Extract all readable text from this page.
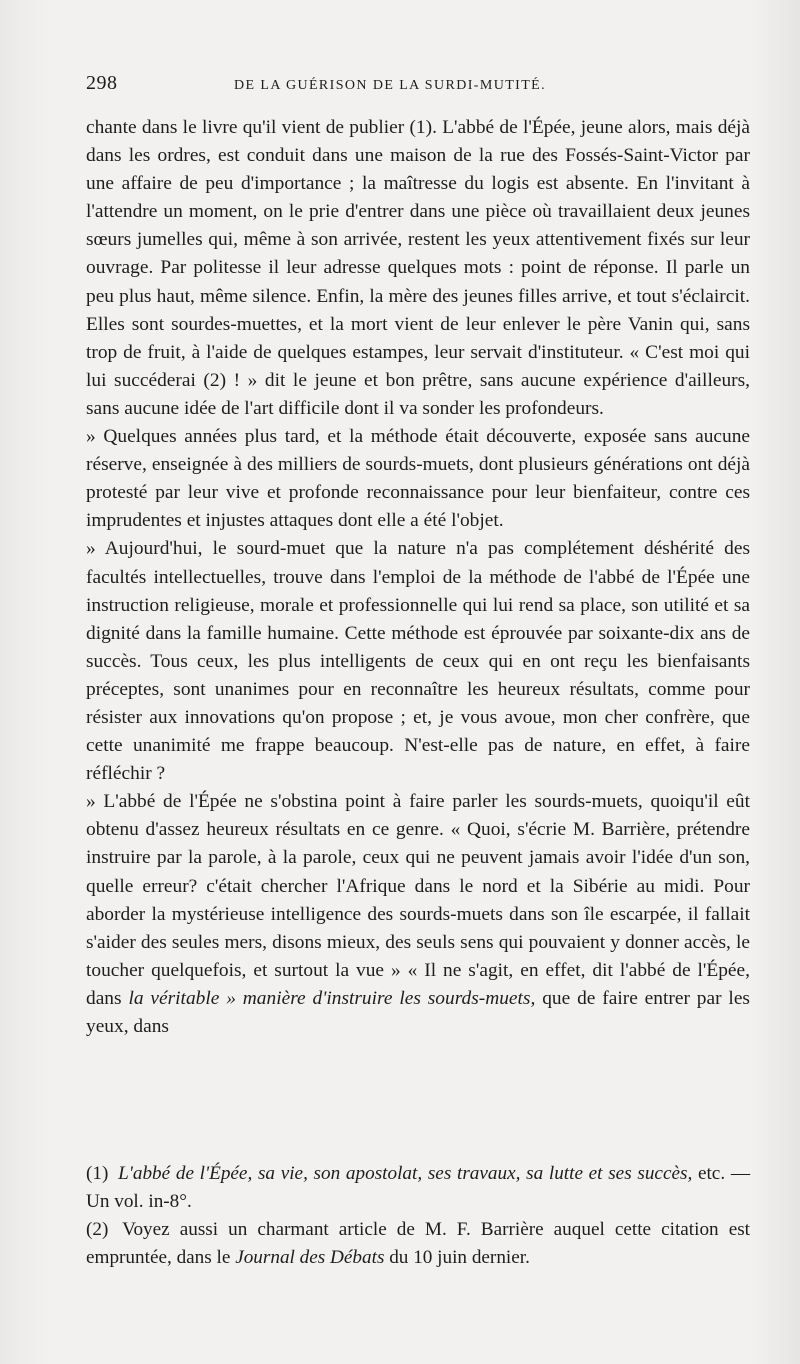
298	DE LA GUÉRISON DE LA SURDI-MUTITÉ.

chante dans le livre qu'il vient de publier (1). L'abbé de l'Épée, jeune alors, mais déjà dans les ordres, est conduit dans une maison de la rue des Fossés-Saint-Victor par une affaire de peu d'importance ; la maîtresse du logis est absente. En l'invitant à l'attendre un moment, on le prie d'entrer dans une pièce où travaillaient deux jeunes sœurs jumelles qui, même à son arrivée, restent les yeux attentivement fixés sur leur ouvrage. Par politesse il leur adresse quelques mots : point de réponse. Il parle un peu plus haut, même silence. Enfin, la mère des jeunes filles arrive, et tout s'éclaircit. Elles sont sourdes-muettes, et la mort vient de leur enlever le père Vanin qui, sans trop de fruit, à l'aide de quelques estampes, leur servait d'instituteur. « C'est moi qui lui succéderai (2) ! » dit le jeune et bon prêtre, sans aucune expérience d'ailleurs, sans aucune idée de l'art difficile dont il va sonder les profondeurs.

» Quelques années plus tard, et la méthode était découverte, exposée sans aucune réserve, enseignée à des milliers de sourds-muets, dont plusieurs générations ont déjà protesté par leur vive et profonde reconnaissance pour leur bienfaiteur, contre ces imprudentes et injustes attaques dont elle a été l'objet.

» Aujourd'hui, le sourd-muet que la nature n'a pas complétement déshérité des facultés intellectuelles, trouve dans l'emploi de la méthode de l'abbé de l'Épée une instruction religieuse, morale et professionnelle qui lui rend sa place, son utilité et sa dignité dans la famille humaine. Cette méthode est éprouvée par soixante-dix ans de succès. Tous ceux, les plus intelligents de ceux qui en ont reçu les bienfaisants préceptes, sont unanimes pour en reconnaître les heureux résultats, comme pour résister aux innovations qu'on propose ; et, je vous avoue, mon cher confrère, que cette unanimité me frappe beaucoup. N'est-elle pas de nature, en effet, à faire réfléchir ?

» L'abbé de l'Épée ne s'obstina point à faire parler les sourds-muets, quoiqu'il eût obtenu d'assez heureux résultats en ce genre. « Quoi, s'écrie M. Barrière, prétendre instruire par la parole, à la parole, ceux qui ne peuvent jamais avoir l'idée d'un son, quelle erreur? c'était chercher l'Afrique dans le nord et la Sibérie au midi. Pour aborder la mystérieuse intelligence des sourds-muets dans son île escarpée, il fallait s'aider des seules mers, disons mieux, des seuls sens qui pouvaient y donner accès, le toucher quelquefois, et surtout la vue » « Il ne s'agit, en effet, dit l'abbé de l'Épée, dans la véritable » manière d'instruire les sourds-muets, que de faire entrer par les yeux, dans

(1) L'abbé de l'Épée, sa vie, son apostolat, ses travaux, sa lutte et ses succès, etc. — Un vol. in-8°.

(2) Voyez aussi un charmant article de M. F. Barrière auquel cette citation est empruntée, dans le Journal des Débats du 10 juin dernier.
